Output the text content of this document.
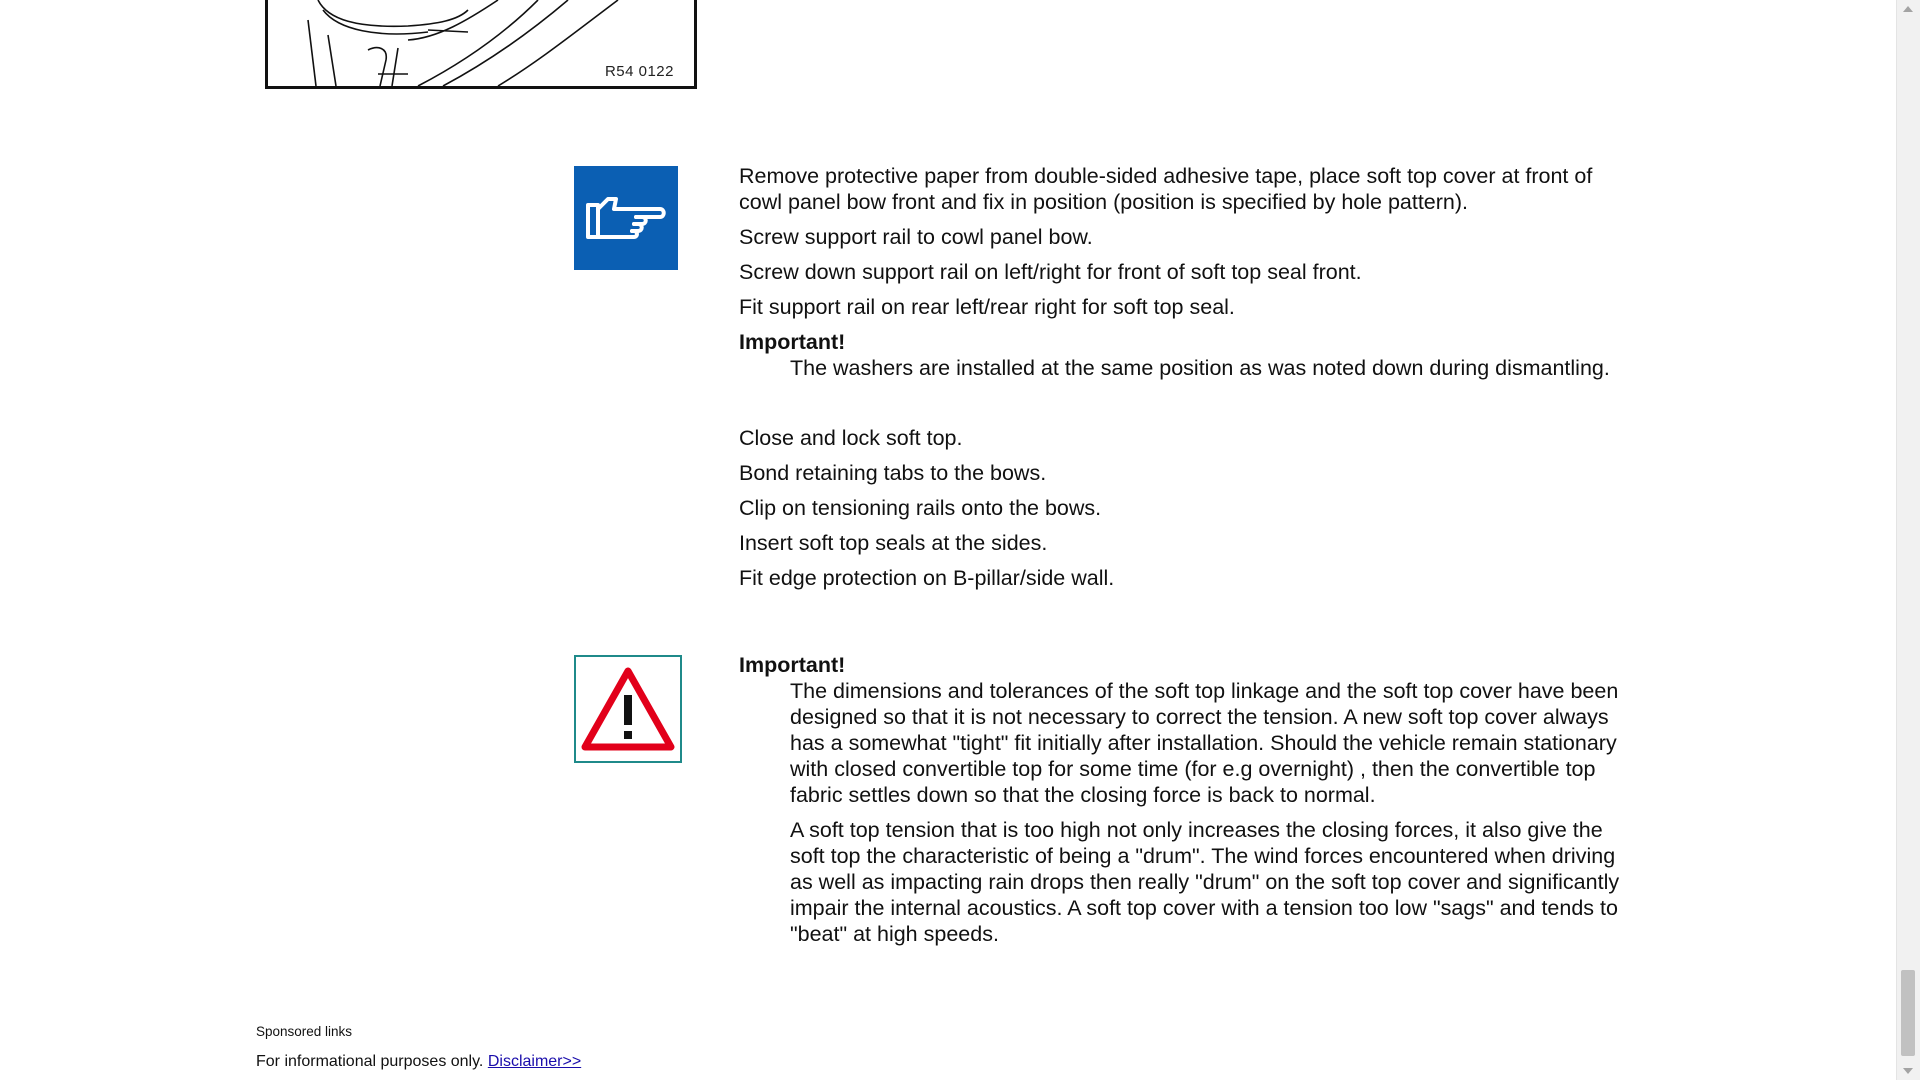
R54 0122

Remove protective paper from double-sided adhesive tape, place soft top cover at front of cowl panel bow front and fix in position (position is specified by hole pattern).

Screw support rail to cowl panel bow.

Screw down support rail on left/right for front of soft top seal front.

Fit support rail on rear left/rear right for soft top seal.

Important!

The washers are installed at the same position as was noted down during dismantling.

Close and lock soft top.

Bond retaining tabs to the bows.

Clip on tensioning rails onto the bows.

Insert soft top seals at the sides.

Fit edge protection on B-pillar/side wall.

Important!

The dimensions and tolerances of the soft top linkage and the soft top cover have been designed so that it is not necessary to correct the tension. A new soft top cover always has a somewhat "tight" fit initially after installation. Should the vehicle remain stationary with closed convertible top for some time (for e.g overnight) , then the convertible top fabric settles down so that the closing force is back to normal.

A soft top tension that is too high not only increases the closing forces, it also give the soft top the characteristic of being a "drum". The wind forces encountered when driving as well as impacting rain drops then really "drum" on the soft top cover and significantly impair the internal acoustics. A soft top cover with a tension too low "sags" and tends to "beat" at high speeds.

Sponsored links
For informational purposes only. Disclaimer>>
